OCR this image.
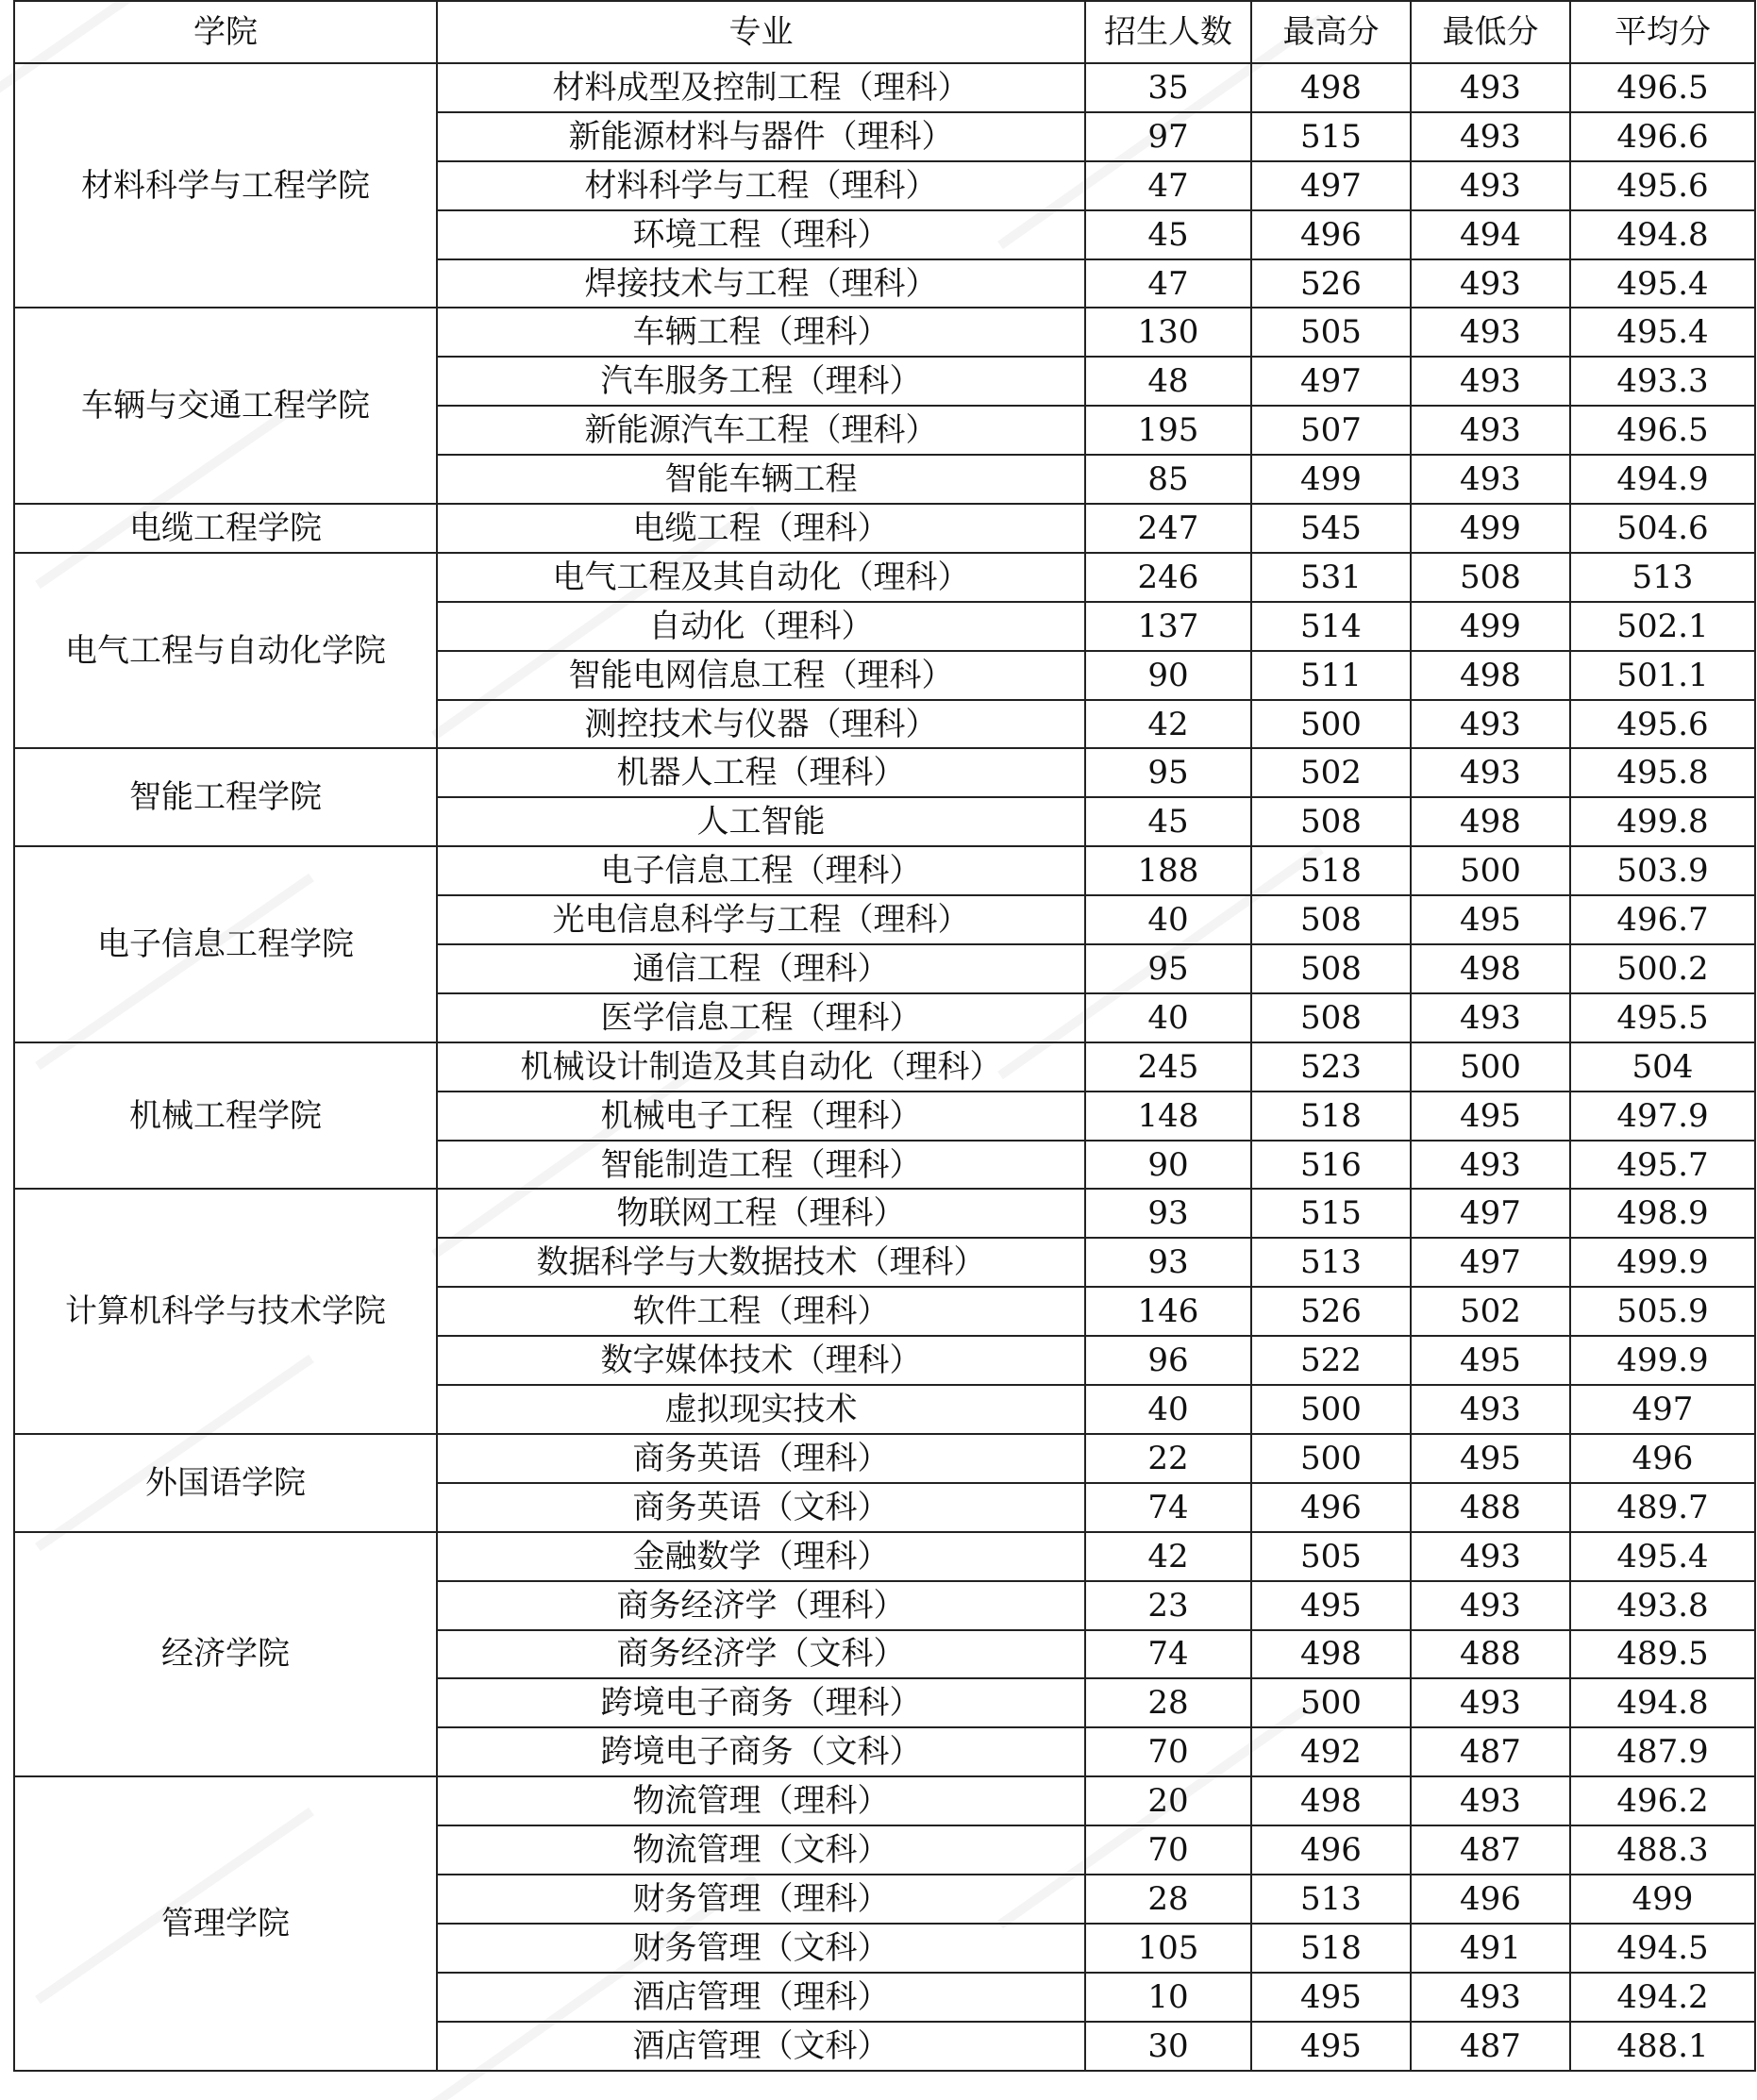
学院	专业	招生人数	最高分	最低分	平均分
材料科学与工程学院	材料成型及控制工程（理科）	35	498	493	496.5
	新能源材料与器件（理科）	97	515	493	496.6
	材料科学与工程（理科）	47	497	493	495.6
	环境工程（理科）	45	496	494	494.8
	焊接技术与工程（理科）	47	526	493	495.4
车辆与交通工程学院	车辆工程（理科）	130	505	493	495.4
	汽车服务工程（理科）	48	497	493	493.3
	新能源汽车工程（理科）	195	507	493	496.5
	智能车辆工程	85	499	493	494.9
电缆工程学院	电缆工程（理科）	247	545	499	504.6
电气工程与自动化学院	电气工程及其自动化（理科）	246	531	508	513
	自动化（理科）	137	514	499	502.1
	智能电网信息工程（理科）	90	511	498	501.1
	测控技术与仪器（理科）	42	500	493	495.6
智能工程学院	机器人工程（理科）	95	502	493	495.8
	人工智能	45	508	498	499.8
电子信息工程学院	电子信息工程（理科）	188	518	500	503.9
	光电信息科学与工程（理科）	40	508	495	496.7
	通信工程（理科）	95	508	498	500.2
	医学信息工程（理科）	40	508	493	495.5
机械工程学院	机械设计制造及其自动化（理科）	245	523	500	504
	机械电子工程（理科）	148	518	495	497.9
	智能制造工程（理科）	90	516	493	495.7
计算机科学与技术学院	物联网工程（理科）	93	515	497	498.9
	数据科学与大数据技术（理科）	93	513	497	499.9
	软件工程（理科）	146	526	502	505.9
	数字媒体技术（理科）	96	522	495	499.9
	虚拟现实技术	40	500	493	497
外国语学院	商务英语（理科）	22	500	495	496
	商务英语（文科）	74	496	488	489.7
经济学院	金融数学（理科）	42	505	493	495.4
	商务经济学（理科）	23	495	493	493.8
	商务经济学（文科）	74	498	488	489.5
	跨境电子商务（理科）	28	500	493	494.8
	跨境电子商务（文科）	70	492	487	487.9
管理学院	物流管理（理科）	20	498	493	496.2
	物流管理（文科）	70	496	487	488.3
	财务管理（理科）	28	513	496	499
	财务管理（文科）	105	518	491	494.5
	酒店管理（理科）	10	495	493	494.2
	酒店管理（文科）	30	495	487	488.1
